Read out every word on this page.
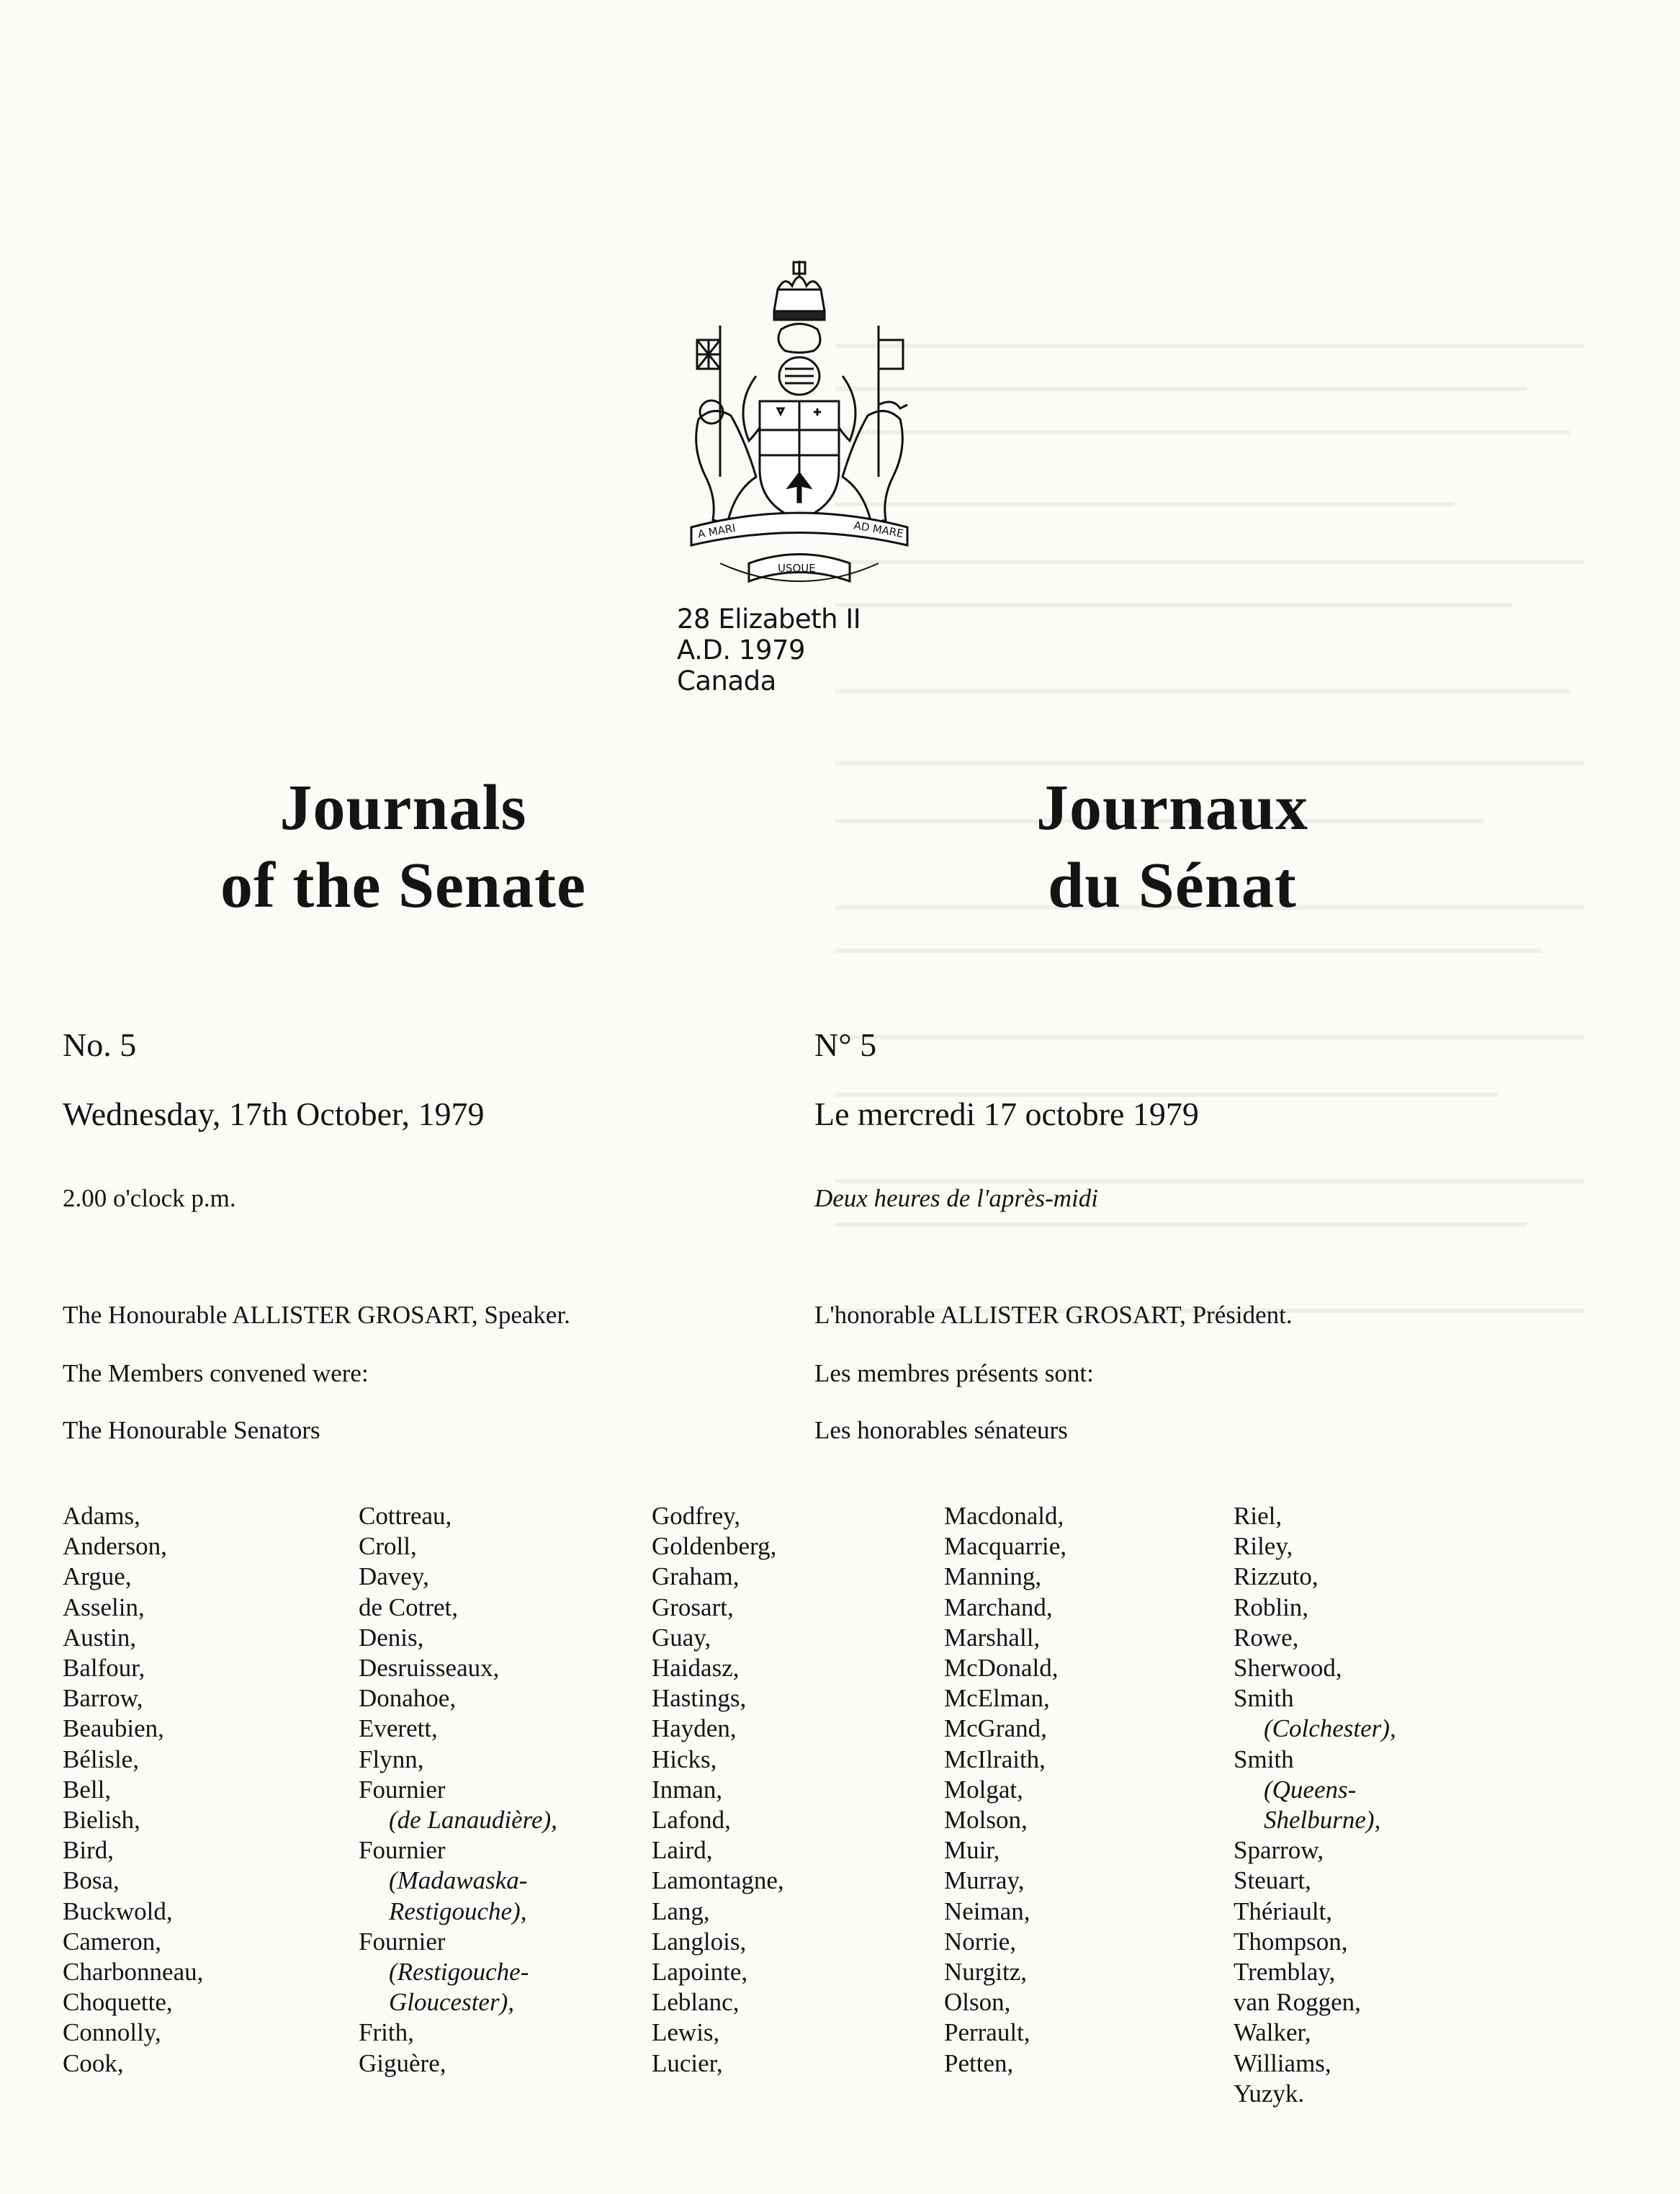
A MARI
USQUE
AD MARE
28 Elizabeth II
A.D. 1979
Canada
Journals
of the Senate
Journaux
du Sénat
No. 5
Wednesday, 17th October, 1979
2.00 o'clock p.m.
The Honourable ALLISTER GROSART, Speaker.
The Members convened were:
The Honourable Senators
N° 5
Le mercredi 17 octobre 1979
Deux heures de l'après-midi
L'honorable ALLISTER GROSART, Président.
Les membres présents sont:
Les honorables sénateurs
Adams,
Anderson,
Argue,
Asselin,
Austin,
Balfour,
Barrow,
Beaubien,
Bélisle,
Bell,
Bielish,
Bird,
Bosa,
Buckwold,
Cameron,
Charbonneau,
Choquette,
Connolly,
Cook,
Cottreau,
Croll,
Davey,
de Cotret,
Denis,
Desruisseaux,
Donahoe,
Everett,
Flynn,
Fournier
(de Lanaudière),
Fournier
(Madawaska-
Restigouche),
Fournier
(Restigouche-
Gloucester),
Frith,
Giguère,
Godfrey,
Goldenberg,
Graham,
Grosart,
Guay,
Haidasz,
Hastings,
Hayden,
Hicks,
Inman,
Lafond,
Laird,
Lamontagne,
Lang,
Langlois,
Lapointe,
Leblanc,
Lewis,
Lucier,
Macdonald,
Macquarrie,
Manning,
Marchand,
Marshall,
McDonald,
McElman,
McGrand,
McIlraith,
Molgat,
Molson,
Muir,
Murray,
Neiman,
Norrie,
Nurgitz,
Olson,
Perrault,
Petten,
Riel,
Riley,
Rizzuto,
Roblin,
Rowe,
Sherwood,
Smith
(Colchester),
Smith
(Queens-
Shelburne),
Sparrow,
Steuart,
Thériault,
Thompson,
Tremblay,
van Roggen,
Walker,
Williams,
Yuzyk.
